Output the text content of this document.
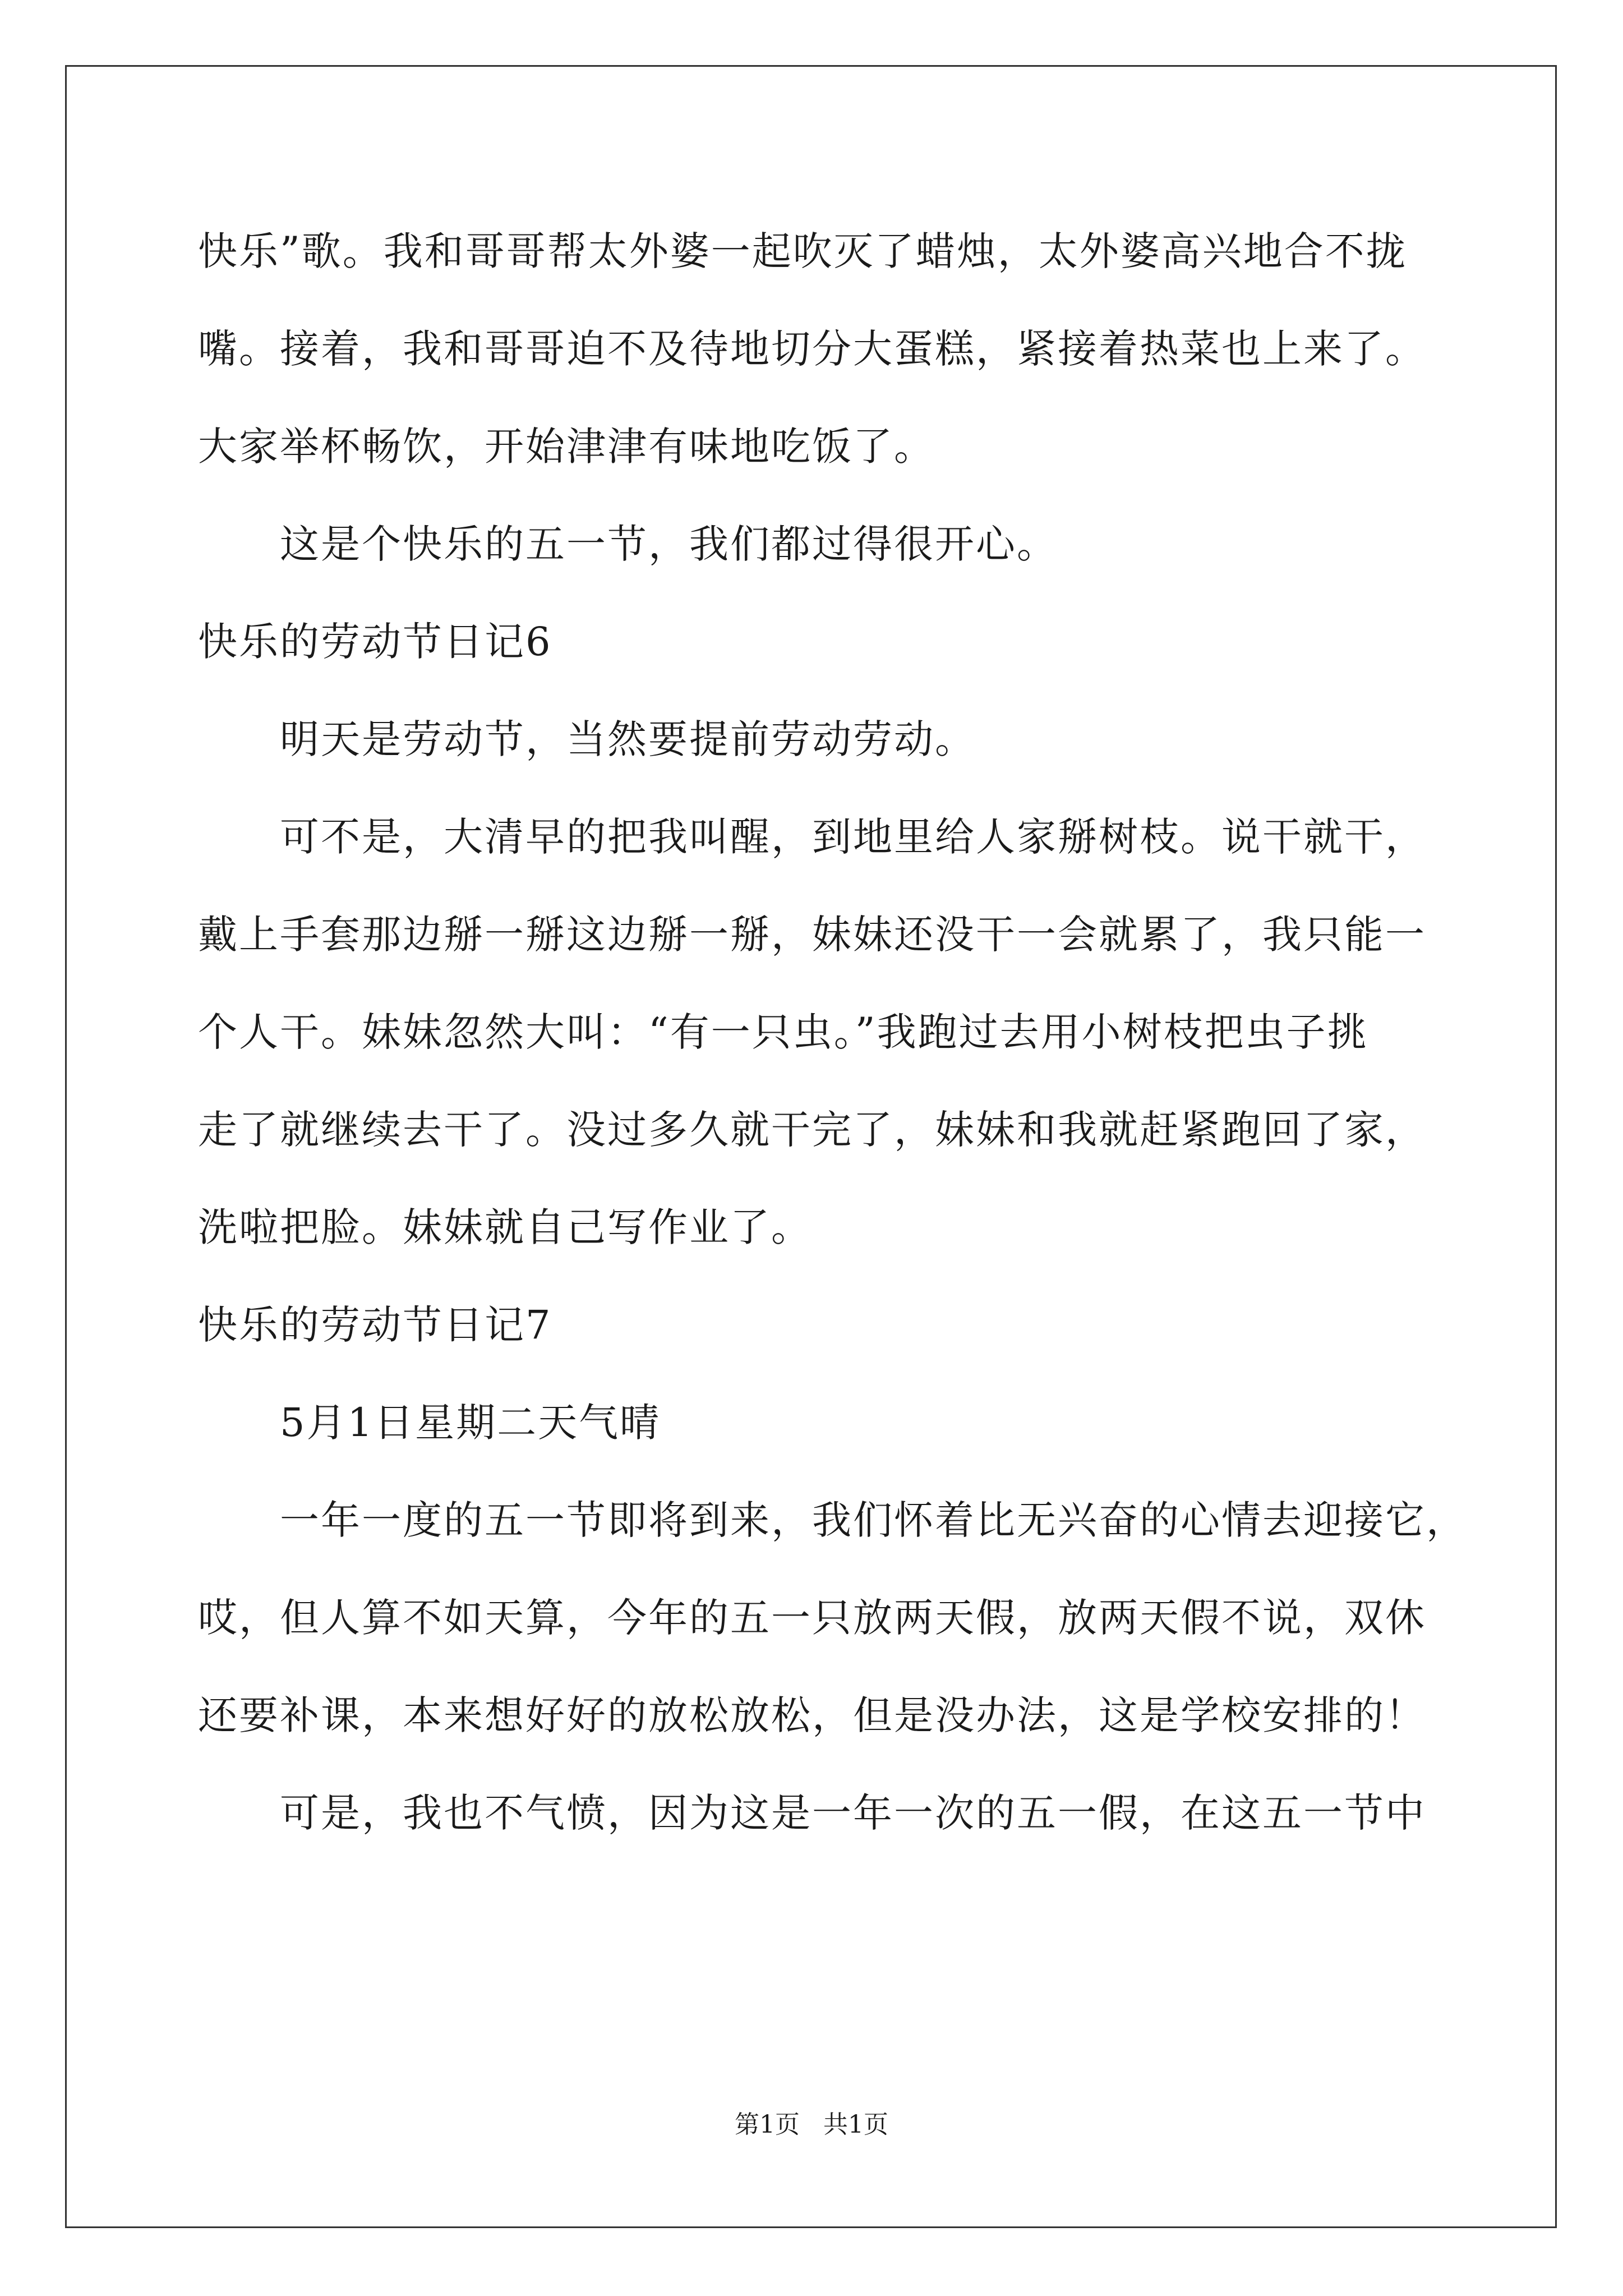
快乐”歌。我和哥哥帮太外婆一起吹灭了蜡烛，太外婆高兴地合不拢
嘴。接着，我和哥哥迫不及待地切分大蛋糕，紧接着热菜也上来了。
大家举杯畅饮，开始津津有味地吃饭了。
这是个快乐的五一节，我们都过得很开心。
快乐的劳动节日记6
明天是劳动节，当然要提前劳动劳动。
可不是，大清早的把我叫醒，到地里给人家掰树枝。说干就干，
戴上手套那边掰一掰这边掰一掰，妹妹还没干一会就累了，我只能一
个人干。妹妹忽然大叫：“有一只虫。”我跑过去用小树枝把虫子挑
走了就继续去干了。没过多久就干完了，妹妹和我就赶紧跑回了家，
洗啦把脸。妹妹就自己写作业了。
快乐的劳动节日记7
5月1日星期二天气晴
一年一度的五一节即将到来，我们怀着比无兴奋的心情去迎接它，
哎，但人算不如天算，今年的五一只放两天假，放两天假不说，双休
还要补课，本来想好好的放松放松，但是没办法，这是学校安排的！
可是，我也不气愤，因为这是一年一次的五一假，在这五一节中
第1页   共1页
